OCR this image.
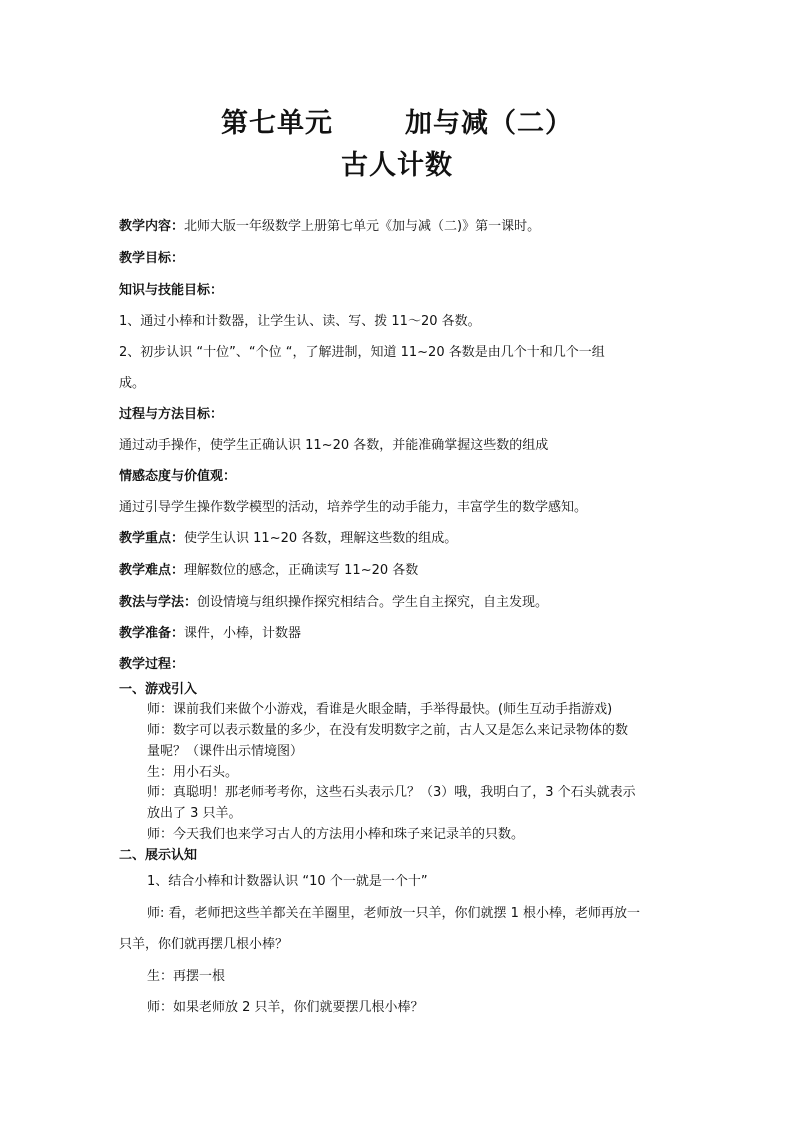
第七单元	加与减（二）
古人计数
教学内容：北师大版一年级数学上册第七单元《加与减（二)》第一课时。
教学目标：
知识与技能目标：
1、通过小棒和计数器，让学生认、读、写、拨 11～20 各数。
2、初步认识 “十位”、“个位 “，了解进制，知道 11~20 各数是由几个十和几个一组
成。
过程与方法目标：
通过动手操作，使学生正确认识 11~20 各数，并能准确掌握这些数的组成
情感态度与价值观：
通过引导学生操作数学模型的活动，培养学生的动手能力，丰富学生的数学感知。
教学重点：使学生认识 11~20 各数，理解这些数的组成。
教学难点：理解数位的感念，正确读写 11~20 各数
教法与学法：创设情境与组织操作探究相结合。学生自主探究，自主发现。
教学准备：课件，小棒，计数器
教学过程：
一、游戏引入
师：课前我们来做个小游戏，看谁是火眼金睛，手举得最快。(师生互动手指游戏)
师：数字可以表示数量的多少，在没有发明数字之前，古人又是怎么来记录物体的数
量呢？（课件出示情境图）
生：用小石头。
师：真聪明！那老师考考你，这些石头表示几？（3）哦，我明白了，3 个石头就表示
放出了 3 只羊。
师：今天我们也来学习古人的方法用小棒和珠子来记录羊的只数。
二、展示认知
1、结合小棒和计数器认识 “10 个一就是一个十”
师: 看，老师把这些羊都关在羊圈里，老师放一只羊，你们就摆 1 根小棒，老师再放一
只羊，你们就再摆几根小棒？
生：再摆一根
师：如果老师放 2 只羊，你们就要摆几根小棒？
